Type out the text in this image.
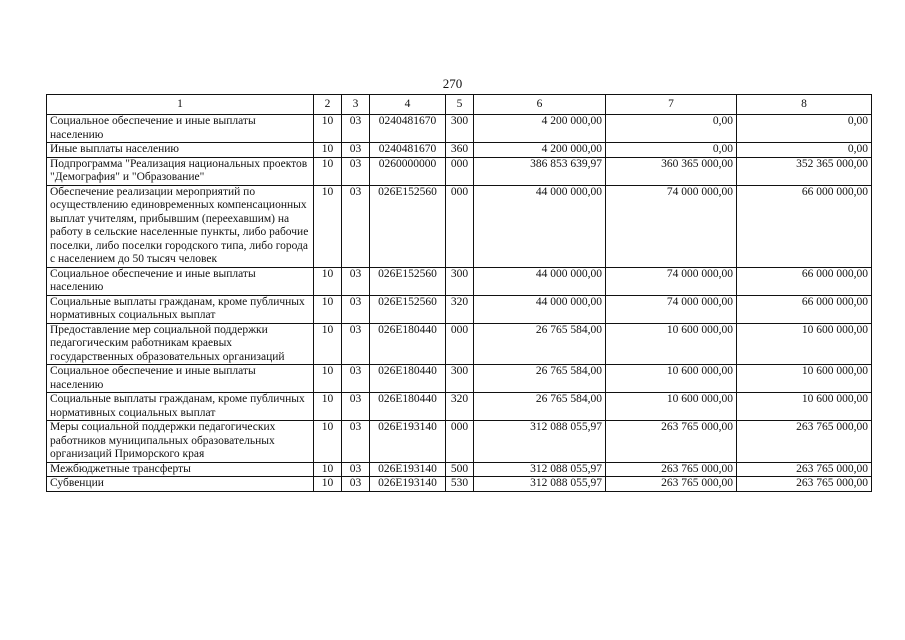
270
1	2	3	4	5	6	7	8
Социальное обеспечение и иные выплаты населению	10	03	0240481670	300	4 200 000,00	0,00	0,00
Иные выплаты населению	10	03	0240481670	360	4 200 000,00	0,00	0,00
Подпрограмма "Реализация национальных проектов "Демография" и "Образование"	10	03	0260000000	000	386 853 639,97	360 365 000,00	352 365 000,00
Обеспечение реализации мероприятий по осуществлению единовременных компенсационных выплат учителям, прибывшим (переехавшим) на работу в сельские населенные пункты, либо рабочие поселки, либо поселки городского типа, либо города с населением до 50 тысяч человек	10	03	026E152560	000	44 000 000,00	74 000 000,00	66 000 000,00
Социальное обеспечение и иные выплаты населению	10	03	026E152560	300	44 000 000,00	74 000 000,00	66 000 000,00
Социальные выплаты гражданам, кроме публичных нормативных социальных выплат	10	03	026E152560	320	44 000 000,00	74 000 000,00	66 000 000,00
Предоставление мер социальной поддержки педагогическим работникам краевых государственных образовательных организаций	10	03	026E180440	000	26 765 584,00	10 600 000,00	10 600 000,00
Социальное обеспечение и иные выплаты населению	10	03	026E180440	300	26 765 584,00	10 600 000,00	10 600 000,00
Социальные выплаты гражданам, кроме публичных нормативных социальных выплат	10	03	026E180440	320	26 765 584,00	10 600 000,00	10 600 000,00
Меры социальной поддержки педагогических работников муниципальных образовательных организаций Приморского края	10	03	026E193140	000	312 088 055,97	263 765 000,00	263 765 000,00
Межбюджетные трансферты	10	03	026E193140	500	312 088 055,97	263 765 000,00	263 765 000,00
Субвенции	10	03	026E193140	530	312 088 055,97	263 765 000,00	263 765 000,00
